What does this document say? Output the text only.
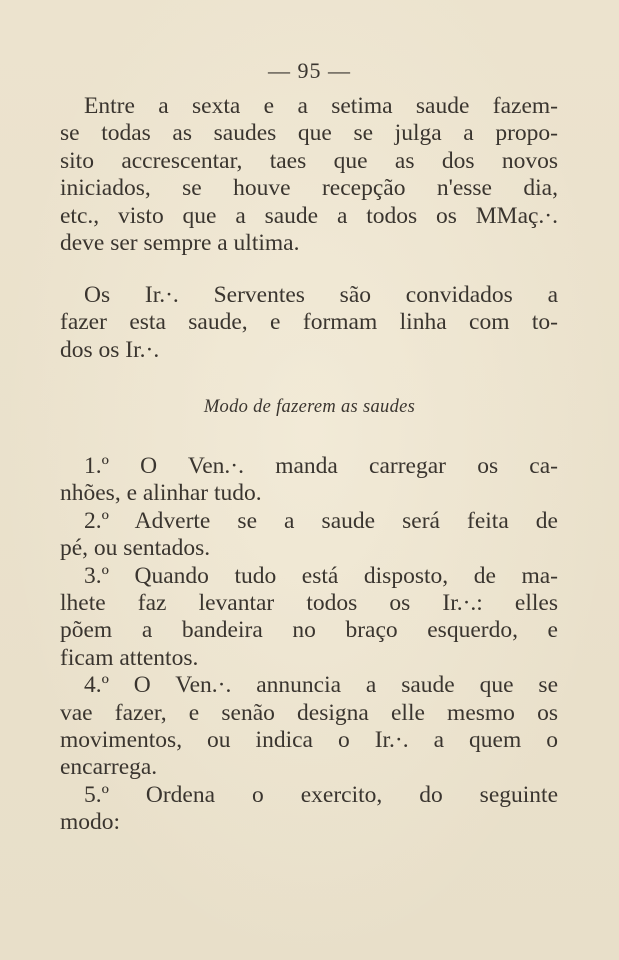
— 95 —
Entre a sexta e a setima saude fazem-
se todas as saudes que se julga a propo-
sito accrescentar, taes que as dos novos
iniciados, se houve recepção n'esse dia,
etc., visto que a saude a todos os MMaç.·.
deve ser sempre a ultima.
Os Ir.·. Serventes são convidados a
fazer esta saude, e formam linha com to-
dos os Ir.·.
Modo de fazerem as saudes
1.º O Ven.·. manda carregar os ca-
nhões, e alinhar tudo.
2.º Adverte se a saude será feita de
pé, ou sentados.
3.º Quando tudo está disposto, de ma-
lhete faz levantar todos os Ir.·.: elles
põem a bandeira no braço esquerdo, e
ficam attentos.
4.º O Ven.·. annuncia a saude que se
vae fazer, e senão designa elle mesmo os
movimentos, ou indica o Ir.·. a quem o
encarrega.
5.º Ordena o exercito, do seguinte
modo:
